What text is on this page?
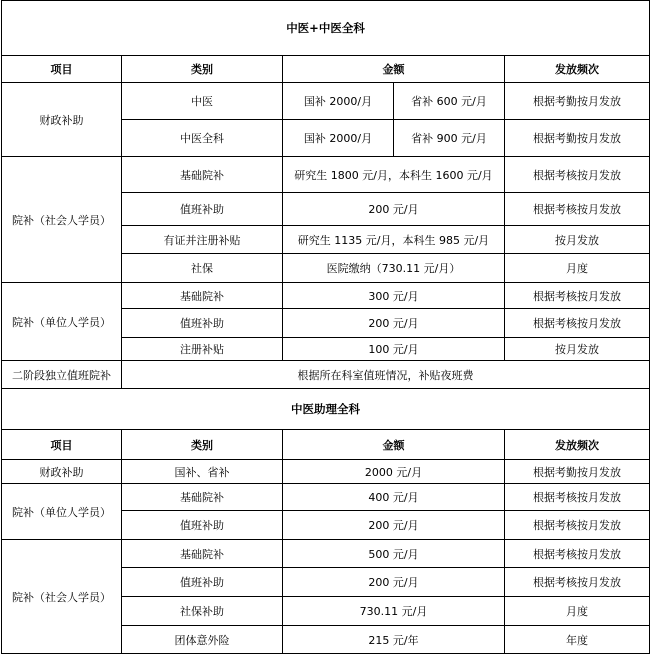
中医+中医全科				
项目	类别	金额		发放频次
财政补助	中医	国补 2000/月	省补 600 元/月	根据考勤按月发放
	中医全科	国补 2000/月	省补 900 元/月	根据考勤按月发放
院补（社会人学员）	基础院补	研究生 1800 元/月，本科生 1600 元/月		根据考核按月发放
	值班补助	200 元/月		根据考核按月发放
	有证并注册补贴	研究生 1135 元/月，本科生 985 元/月		按月发放
	社保	医院缴纳（730.11 元/月）		月度
院补（单位人学员）	基础院补	300 元/月		根据考核按月发放
	值班补助	200 元/月		根据考核按月发放
	注册补贴	100 元/月		按月发放
二阶段独立值班院补	根据所在科室值班情况，补贴夜班费			
中医助理全科				
项目	类别	金额		发放频次
财政补助	国补、省补	2000 元/月		根据考勤按月发放
院补（单位人学员）	基础院补	400 元/月		根据考核按月发放
	值班补助	200 元/月		根据考核按月发放
院补（社会人学员）	基础院补	500 元/月		根据考核按月发放
	值班补助	200 元/月		根据考核按月发放
	社保补助	730.11 元/月		月度
	团体意外险	215 元/年		年度
